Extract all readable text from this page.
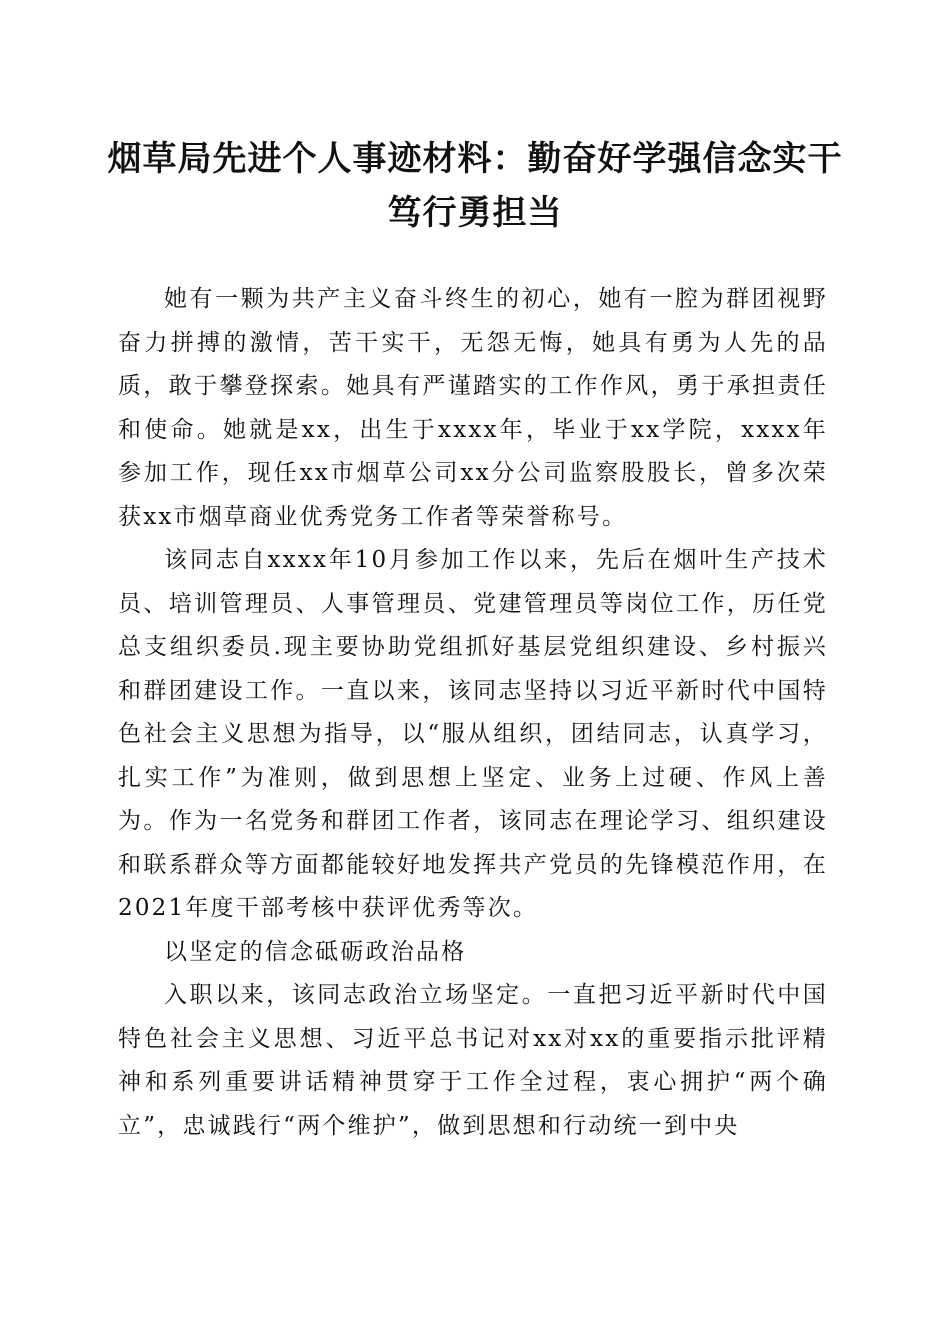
烟草局先进个人事迹材料：勤奋好学强信念实干笃行勇担当

她有一颗为共产主义奋斗终生的初心，她有一腔为群团视野奋力拼搏的激情，苦干实干，无怨无悔，她具有勇为人先的品质，敢于攀登探索。她具有严谨踏实的工作作风，勇于承担责任和使命。她就是xx，出生于xxxx年，毕业于xx学院，xxxx年参加工作，现任xx市烟草公司xx分公司监察股股长，曾多次荣获xx市烟草商业优秀党务工作者等荣誉称号。

该同志自xxxx年10月参加工作以来，先后在烟叶生产技术员、培训管理员、人事管理员、党建管理员等岗位工作，历任党总支组织委员.现主要协助党组抓好基层党组织建设、乡村振兴和群团建设工作。一直以来，该同志坚持以习近平新时代中国特色社会主义思想为指导，以“服从组织，团结同志，认真学习，扎实工作”为准则，做到思想上坚定、业务上过硬、作风上善为。作为一名党务和群团工作者，该同志在理论学习、组织建设和联系群众等方面都能较好地发挥共产党员的先锋模范作用，在2021年度干部考核中获评优秀等次。

以坚定的信念砥砺政治品格

入职以来，该同志政治立场坚定。一直把习近平新时代中国特色社会主义思想、习近平总书记对xx对xx的重要指示批评精神和系列重要讲话精神贯穿于工作全过程，衷心拥护“两个确立”，忠诚践行“两个维护”，做到思想和行动统一到中央
